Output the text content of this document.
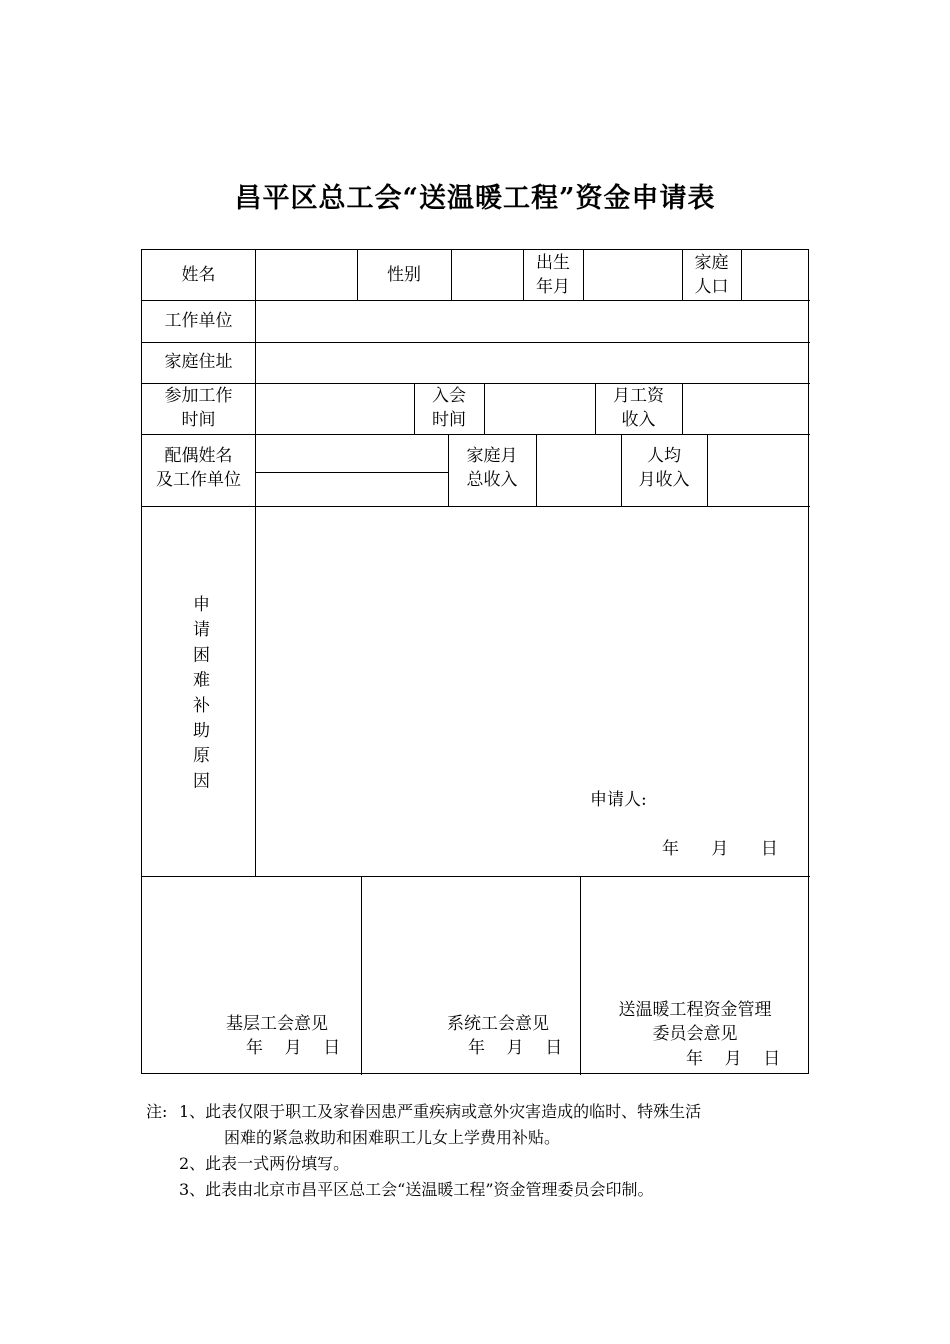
昌平区总工会“送温暖工程”资金申请表
姓名	性别
出生
年月
家庭
人口
工作单位
家庭住址
参加工作
时间
入会
时间
月工资
收入
配偶姓名
及工作单位
家庭月
总收入
人均
月收入
申请困难补助原因
申请人:
年      月      日
基层工会意见
年    月    日
系统工会意见
年    月    日
送温暖工程资金管理
委员会意见
年    月    日
注: 1、此表仅限于职工及家眷因患严重疾病或意外灾害造成的临时、特殊生活
困难的紧急救助和困难职工儿女上学费用补贴。
2、此表一式两份填写。
3、此表由北京市昌平区总工会“送温暖工程”资金管理委员会印制。
